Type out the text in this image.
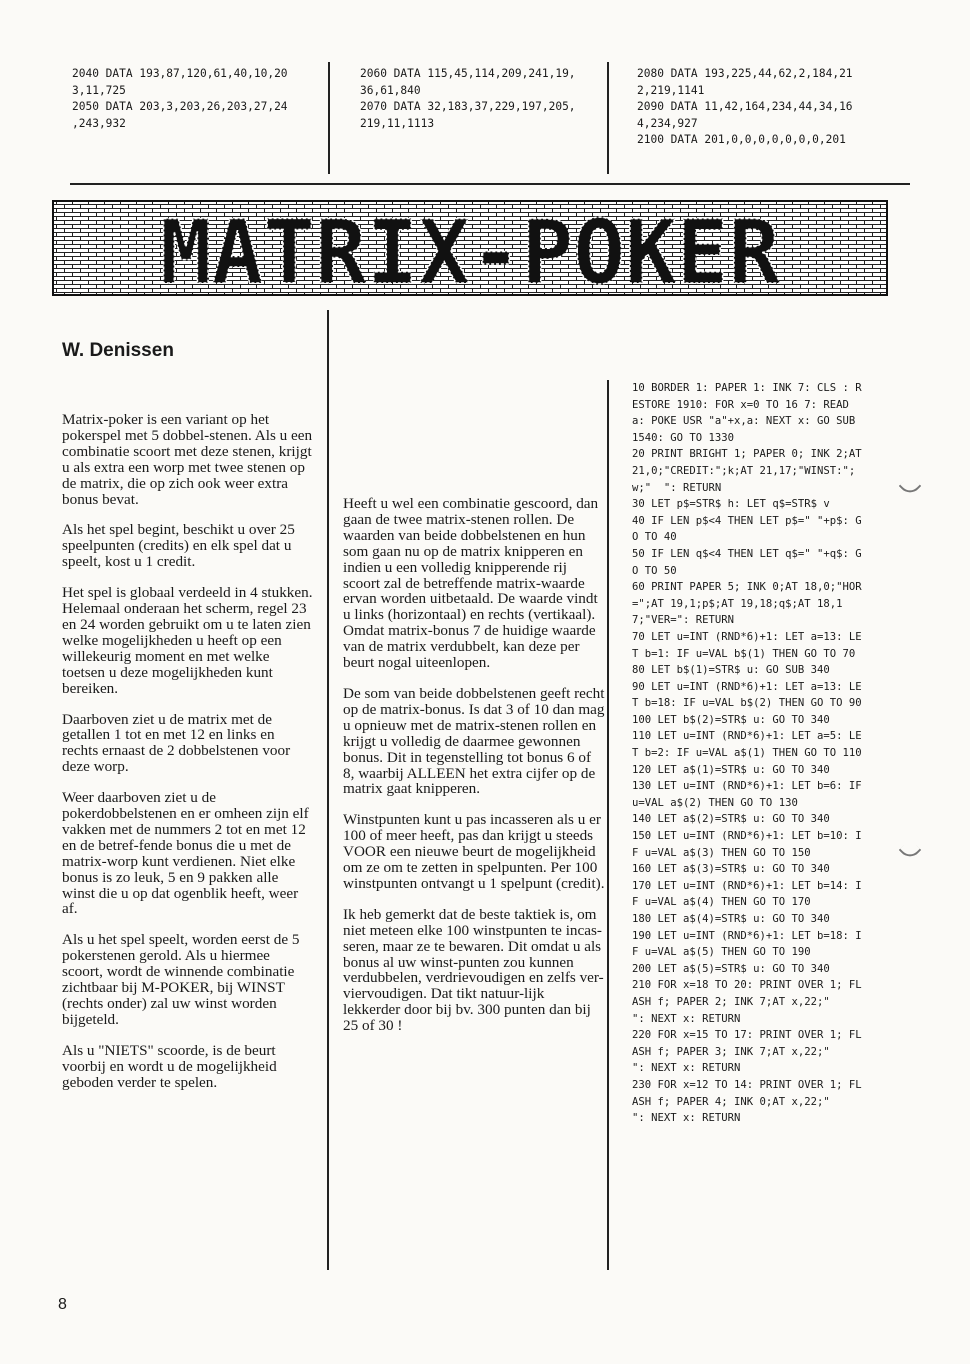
2040 DATA 193,87,120,61,40,10,20
3,11,725
2050 DATA 203,3,203,26,203,27,24
,243,932
2060 DATA 115,45,114,209,241,19,
36,61,840
2070 DATA 32,183,37,229,197,205,
219,11,1113
2080 DATA 193,225,44,62,2,184,21
2,219,1141
2090 DATA 11,42,164,234,44,34,16
4,234,927
2100 DATA 201,0,0,0,0,0,0,0,201
MATRIX-POKER
W. Denissen

Matrix-poker is een variant op het pokerspel met 5 dobbel-stenen. Als u een combinatie scoort met deze stenen, krijgt u als extra een worp met twee stenen op de matrix, die op zich ook weer extra bonus bevat.

Als het spel begint, beschikt u over 25 speelpunten (credits) en elk spel dat u speelt, kost u 1 credit.

Het spel is globaal verdeeld in 4 stukken. Helemaal onderaan het scherm, regel 23 en 24 worden gebruikt om u te laten zien welke mogelijkheden u heeft op een willekeurig moment en met welke toetsen u deze mogelijkheden kunt bereiken.

Daarboven ziet u de matrix met de getallen 1 tot en met 12 en links en rechts ernaast de 2 dobbelstenen voor deze worp.

Weer daarboven ziet u de pokerdobbelstenen en er omheen zijn elf vakken met de nummers 2 tot en met 12 en de betref-fende bonus die u met de matrix-worp kunt verdienen. Niet elke bonus is zo leuk, 5 en 9 pakken alle winst die u op dat ogenblik heeft, weer af.

Als u het spel speelt, worden eerst de 5 pokerstenen gerold. Als u hiermee scoort, wordt de winnende combinatie zichtbaar bij M-POKER, bij WINST (rechts onder) zal uw winst worden bijgeteld.

Als u "NIETS" scoorde, is de beurt voorbij en wordt u de mogelijkheid geboden verder te spelen.

Heeft u wel een combinatie gescoord, dan gaan de twee matrix-stenen rollen. De waarden van beide dobbelstenen en hun som gaan nu op de matrix knipperen en indien u een volledig knipperende rij scoort zal de betreffende matrix-waarde ervan worden uitbetaald. De waarde vindt u links (horizontaal) en rechts (vertikaal). Omdat matrix-bonus 7 de huidige waarde van de matrix verdubbelt, kan deze per beurt nogal uiteenlopen.

De som van beide dobbelstenen geeft recht op de matrix-bonus. Is dat 3 of 10 dan mag u opnieuw met de matrix-stenen rollen en krijgt u volledig de daarmee gewonnen bonus. Dit in tegenstelling tot bonus 6 of 8, waarbij ALLEEN het extra cijfer op de matrix gaat knipperen.

Winstpunten kunt u pas incasseren als u er 100 of meer heeft, pas dan krijgt u steeds VOOR een nieuwe beurt de mogelijkheid om ze om te zetten in spelpunten. Per 100 winstpunten ontvangt u 1 spelpunt (credit).

Ik heb gemerkt dat de beste taktiek is, om niet meteen elke 100 winstpunten te incas-seren, maar ze te bewaren. Dit omdat u als bonus al uw winst-punten zou kunnen verdubbelen, verdrievoudigen en zelfs ver-viervoudigen. Dat tikt natuur-lijk lekkerder door bij bv. 300 punten dan bij 25 of 30 !

10 BORDER 1: PAPER 1: INK 7: CLS : RESTORE 1910: FOR x=0 TO 16 7: READ a: POKE USR "a"+x,a: NEXT x: GO SUB 1540: GO TO 1330
20 PRINT BRIGHT 1; PAPER 0; INK 2;AT 21,0;"CREDIT:";k;AT 21,17;"WINST:";w;"  ": RETURN
30 LET p$=STR$ h: LET q$=STR$ v
40 IF LEN p$<4 THEN LET p$=" "+p$: GO TO 40
50 IF LEN q$<4 THEN LET q$=" "+q$: GO TO 50
60 PRINT PAPER 5; INK 0;AT 18,0;"HOR=";AT 19,1;p$;AT 19,18;q$;AT 18,17;"VER=": RETURN
70 LET u=INT (RND*6)+1: LET a=13: LET b=1: IF u=VAL b$(1) THEN GO TO 70
80 LET b$(1)=STR$ u: GO SUB 340
90 LET u=INT (RND*6)+1: LET a=13: LET b=18: IF u=VAL b$(2) THEN GO TO 90
100 LET b$(2)=STR$ u: GO TO 340
110 LET u=INT (RND*6)+1: LET a=5: LET b=2: IF u=VAL a$(1) THEN GO TO 110
120 LET a$(1)=STR$ u: GO TO 340
130 LET u=INT (RND*6)+1: LET b=6: IF u=VAL a$(2) THEN GO TO 130
140 LET a$(2)=STR$ u: GO TO 340
150 LET u=INT (RND*6)+1: LET b=10: IF u=VAL a$(3) THEN GO TO 150
160 LET a$(3)=STR$ u: GO TO 340
170 LET u=INT (RND*6)+1: LET b=14: IF u=VAL a$(4) THEN GO TO 170
180 LET a$(4)=STR$ u: GO TO 340
190 LET u=INT (RND*6)+1: LET b=18: IF u=VAL a$(5) THEN GO TO 190
200 LET a$(5)=STR$ u: GO TO 340
210 FOR x=18 TO 20: PRINT OVER 1; FLASH f; PAPER 2; INK 7;AT x,22;"     ": NEXT x: RETURN
220 FOR x=15 TO 17: PRINT OVER 1; FLASH f; PAPER 3; INK 7;AT x,22;"     ": NEXT x: RETURN
230 FOR x=12 TO 14: PRINT OVER 1; FLASH f; PAPER 4; INK 0;AT x,22;"     ": NEXT x: RETURN
8
